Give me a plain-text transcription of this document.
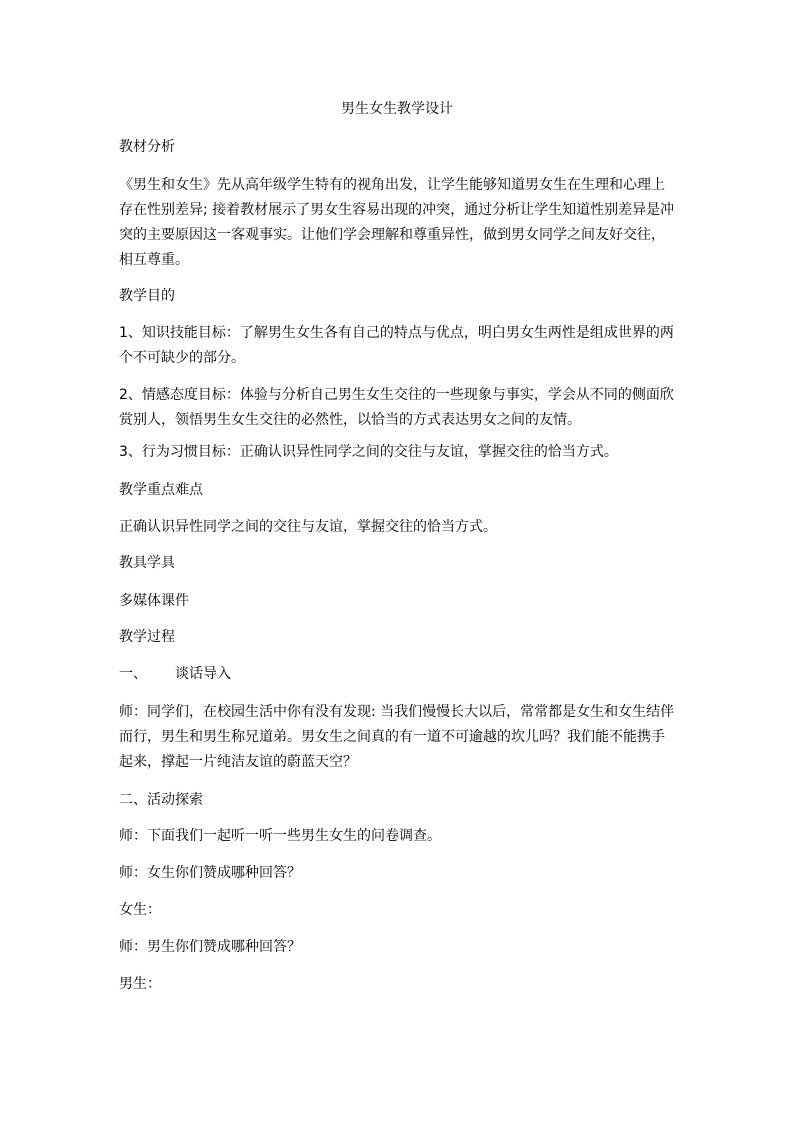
男生女生教学设计

教材分析

《男生和女生》先从高年级学生特有的视角出发，让学生能够知道男女生在生理和心理上存在性别差异; 接着教材展示了男女生容易出现的冲突，通过分析让学生知道性别差异是冲突的主要原因这一客观事实。让他们学会理解和尊重异性，做到男女同学之间友好交往，相互尊重。

教学目的

1、知识技能目标：了解男生女生各有自己的特点与优点，明白男女生两性是组成世界的两个不可缺少的部分。

2、情感态度目标：体验与分析自己男生女生交往的一些现象与事实，学会从不同的侧面欣赏别人，领悟男生女生交往的必然性，以恰当的方式表达男女之间的友情。

3、行为习惯目标：正确认识异性同学之间的交往与友谊，掌握交往的恰当方式。

教学重点难点

正确认识异性同学之间的交往与友谊，掌握交往的恰当方式。

教具学具

多媒体课件

教学过程

一、 谈话导入

师：同学们，在校园生活中你有没有发现: 当我们慢慢长大以后，常常都是女生和女生结伴而行，男生和男生称兄道弟。男女生之间真的有一道不可逾越的坎儿吗？我们能不能携手起来，撑起一片纯洁友谊的蔚蓝天空？

二、活动探索

师：下面我们一起听一听一些男生女生的问卷调查。

师：女生你们赞成哪种回答？

女生：

师：男生你们赞成哪种回答？

男生：
